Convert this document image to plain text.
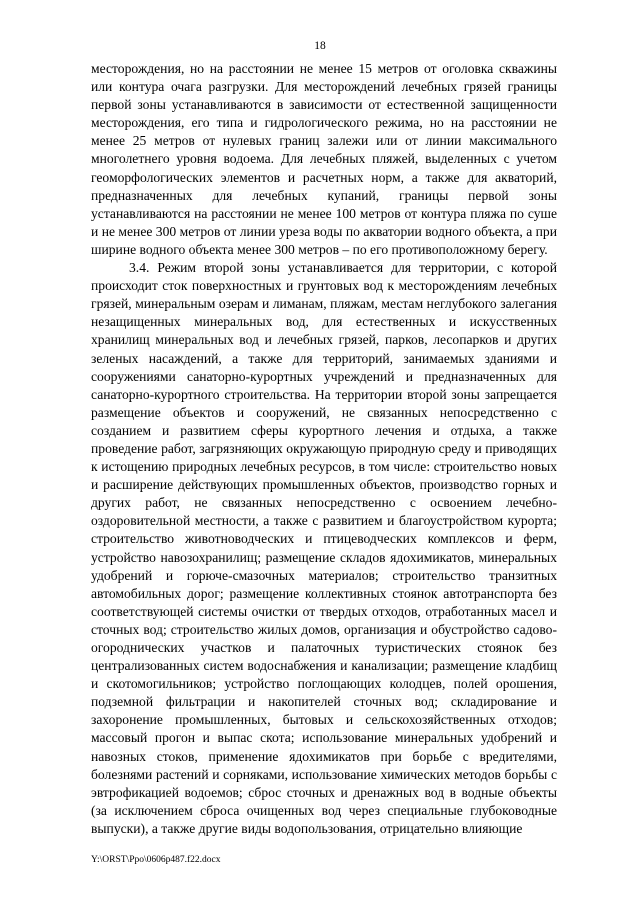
18

месторождения, но на расстоянии не менее 15 метров от оголовка скважины или контура очага разгрузки. Для месторождений лечебных грязей границы первой зоны устанавливаются в зависимости от естественной защищенности месторождения, его типа и гидрологического режима, но на расстоянии не менее 25 метров от нулевых границ залежи или от линии максимального многолетнего уровня водоема. Для лечебных пляжей, выделенных с учетом геоморфологических элементов и расчетных норм, а также для акваторий, предназначенных для лечебных купаний, границы первой зоны устанавливаются на расстоянии не менее 100 метров от контура пляжа по суше и не менее 300 метров от линии уреза воды по акватории водного объекта, а при ширине водного объекта менее 300 метров – по его противоположному берегу.

3.4. Режим второй зоны устанавливается для территории, с которой происходит сток поверхностных и грунтовых вод к месторождениям лечебных грязей, минеральным озерам и лиманам, пляжам, местам неглубокого залегания незащищенных минеральных вод, для естественных и искусственных хранилищ минеральных вод и лечебных грязей, парков, лесопарков и других зеленых насаждений, а также для территорий, занимаемых зданиями и сооружениями санаторно-курортных учреждений и предназначенных для санаторно-курортного строительства. На территории второй зоны запрещается размещение объектов и сооружений, не связанных непосредственно с созданием и развитием сферы курортного лечения и отдыха, а также проведение работ, загрязняющих окружающую природную среду и приводящих к истощению природных лечебных ресурсов, в том числе: строительство новых и расширение действующих промышленных объектов, производство горных и других работ, не связанных непосредственно с освоением лечебно-оздоровительной местности, а также с развитием и благоустройством курорта; строительство животноводческих и птицеводческих комплексов и ферм, устройство навозохранилищ; размещение складов ядохимикатов, минеральных удобрений и горюче-смазочных материалов; строительство транзитных автомобильных дорог; размещение коллективных стоянок автотранспорта без соответствующей системы очистки от твердых отходов, отработанных масел и сточных вод; строительство жилых домов, организация и обустройство садово-огороднических участков и палаточных туристических стоянок без централизованных систем водоснабжения и канализации; размещение кладбищ и скотомогильников; устройство поглощающих колодцев, полей орошения, подземной фильтрации и накопителей сточных вод; складирование и захоронение промышленных, бытовых и сельскохозяйственных отходов; массовый прогон и выпас скота; использование минеральных удобрений и навозных стоков, применение ядохимикатов при борьбе с вредителями, болезнями растений и сорняками, использование химических методов борьбы с эвтрофикацией водоемов; сброс сточных и дренажных вод в водные объекты (за исключением сброса очищенных вод через специальные глубоководные выпуски), а также другие виды водопользования, отрицательно влияющие

Y:\ORST\Ppo\0606p487.f22.docx
